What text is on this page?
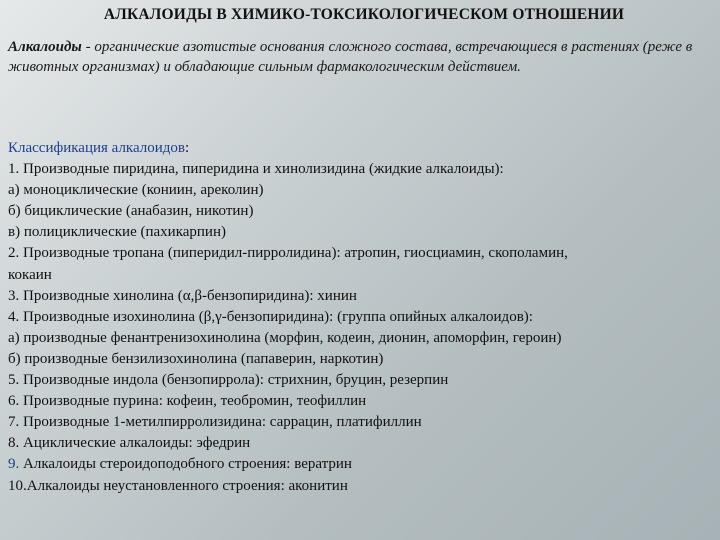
АЛКАЛОИДЫ В ХИМИКО-ТОКСИКОЛОГИЧЕСКОМ ОТНОШЕНИИ
Алкалоиды - органические азотистые основания сложного состава, встречающиеся в растениях (реже в животных организмах) и обладающие сильным фармакологическим действием.
Классификация алкалоидов:
1. Производные пиридина, пиперидина и хинолизидина (жидкие алкалоиды):
а) моноциклические (кониин, ареколин)
б) бициклические (анабазин, никотин)
в) полициклические (пахикарпин)
2. Производные тропана (пиперидил-пирролидина): атропин, гиосциамин, скополамин,
кокаин
3. Производные хинолина (α,β-бензопиридина): хинин
4. Производные изохинолина (β,γ-бензопиридина): (группа опийных алкалоидов):
а) производные фенантренизохинолина (морфин, кодеин, дионин, апоморфин, героин)
б) производные бензилизохинолина (папаверин, наркотин)
5. Производные индола (бензопиррола): стрихнин, бруцин, резерпин
6. Производные пурина: кофеин, теобромин, теофиллин
7. Производные 1-метилпирролизидина: саррацин, платифиллин
8. Ациклические алкалоиды: эфедрин
9. Алкалоиды стероидоподобного строения: вератрин
10.Алкалоиды неустановленного строения: аконитин
